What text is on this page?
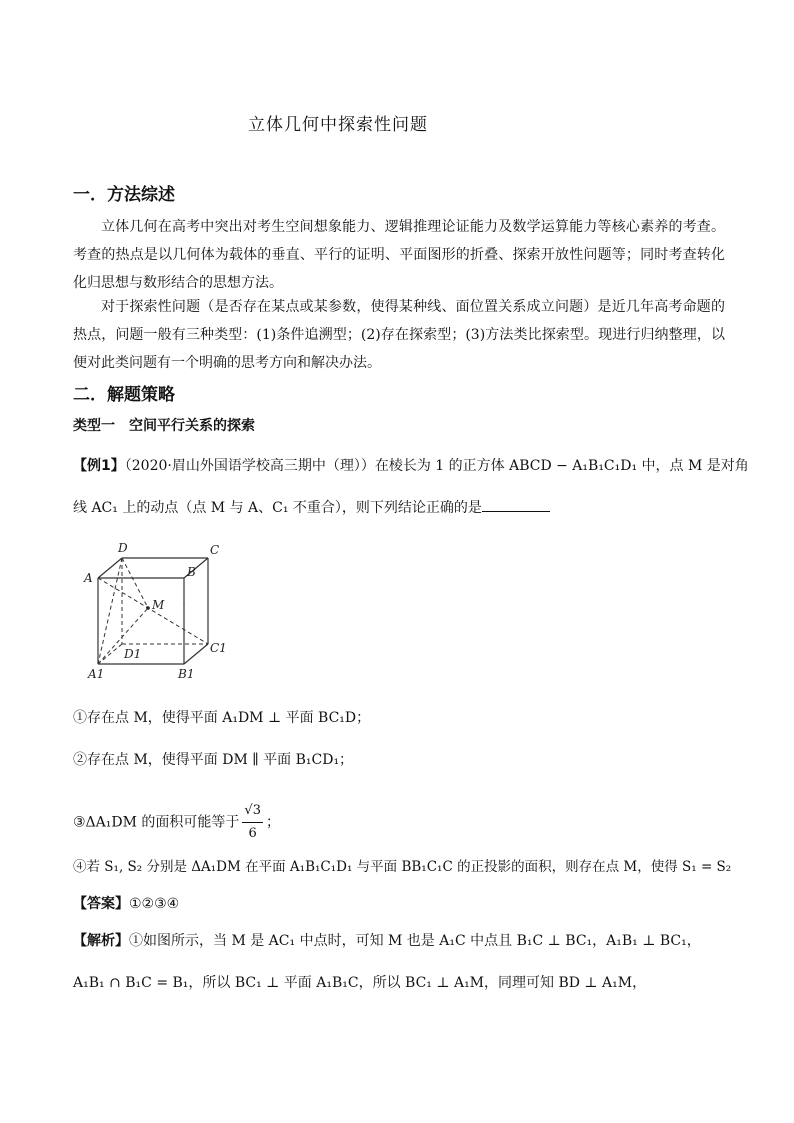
立体几何中探索性问题
一．方法综述
立体几何在高考中突出对考生空间想象能力、逻辑推理论证能力及数学运算能力等核心素养的考查。考查的热点是以几何体为载体的垂直、平行的证明、平面图形的折叠、探索开放性问题等；同时考查转化化归思想与数形结合的思想方法。
对于探索性问题（是否存在某点或某参数，使得某种线、面位置关系成立问题）是近几年高考命题的热点，问题一般有三种类型：(1)条件追溯型；(2)存在探索型；(3)方法类比探索型。现进行归纳整理，以便对此类问题有一个明确的思考方向和解决办法。
二．解题策略
类型一　空间平行关系的探索
【例1】（2020·眉山外国语学校高三期中（理））在棱长为 1 的正方体 ABCD − A₁B₁C₁D₁ 中，点 M 是对角
线 AC₁ 上的动点（点 M 与 A、C₁ 不重合），则下列结论正确的是
D	C
A	B
M
D1	C1
A1	B1
①存在点 M，使得平面 A₁DM ⊥ 平面 BC₁D；
②存在点 M，使得平面 DM ∥ 平面 B₁CD₁；
③ΔA₁DM 的面积可能等于 $\frac{√3}{6}$ ；
④若 S₁, S₂ 分别是 ΔA₁DM 在平面 A₁B₁C₁D₁ 与平面 BB₁C₁C 的正投影的面积，则存在点 M，使得 S₁ = S₂
【答案】①②③④
【解析】①如图所示，当 M 是 AC₁ 中点时，可知 M 也是 A₁C 中点且 B₁C ⊥ BC₁，A₁B₁ ⊥ BC₁，
A₁B₁ ∩ B₁C = B₁，所以 BC₁ ⊥ 平面 A₁B₁C，所以 BC₁ ⊥ A₁M，同理可知 BD ⊥ A₁M，
